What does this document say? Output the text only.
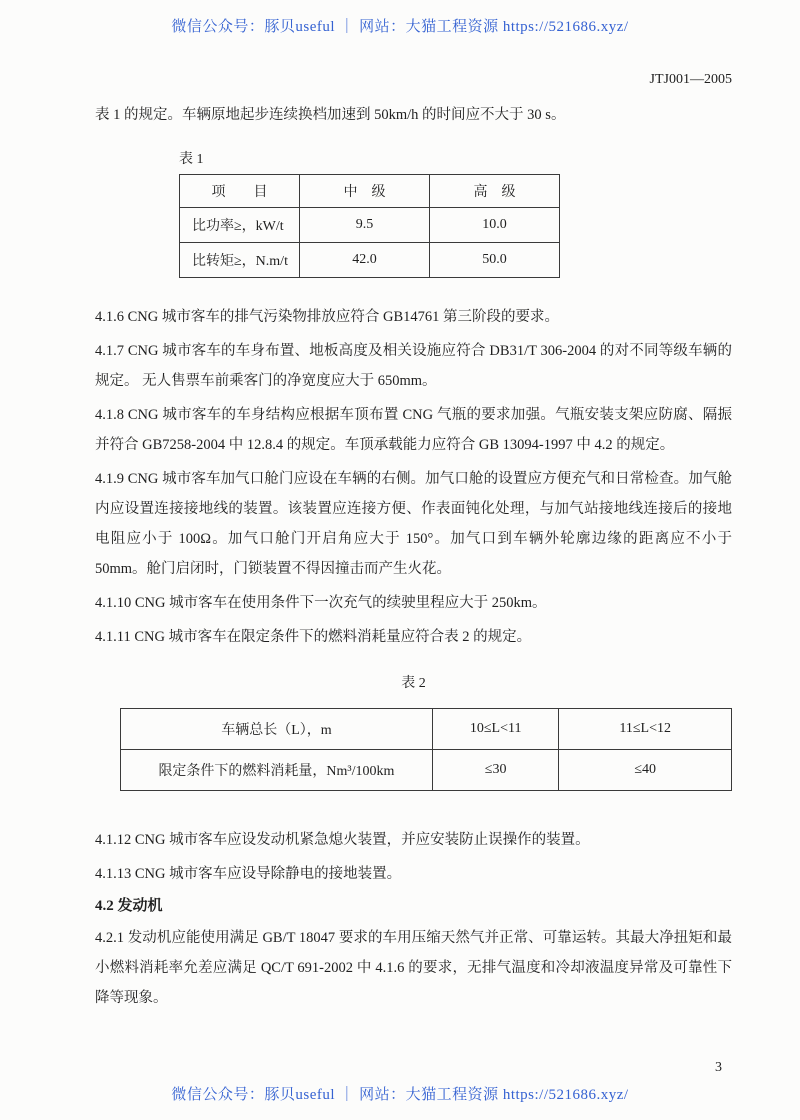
微信公众号：豚贝useful ｜ 网站：大猫工程资源 https://521686.xyz/
JTJ001—2005

表 1 的规定。车辆原地起步连续换档加速到 50km/h 的时间应不大于 30 s。

表 1
项　　目	中　级	高　级
比功率≥，kW/t	9.5	10.0
比转矩≥，N.m/t	42.0	50.0

4.1.6 CNG 城市客车的排气污染物排放应符合 GB14761 第三阶段的要求。

4.1.7 CNG 城市客车的车身布置、地板高度及相关设施应符合 DB31/T 306-2004 的对不同等级车辆的规定。 无人售票车前乘客门的净宽度应大于 650mm。

4.1.8 CNG 城市客车的车身结构应根据车顶布置 CNG 气瓶的要求加强。气瓶安装支架应防腐、隔振并符合 GB7258-2004 中 12.8.4 的规定。车顶承载能力应符合 GB 13094-1997 中 4.2 的规定。

4.1.9 CNG 城市客车加气口舱门应设在车辆的右侧。加气口舱的设置应方便充气和日常检查。加气舱内应设置连接接地线的装置。该装置应连接方便、作表面钝化处理，与加气站接地线连接后的接地电阻应小于 100Ω。加气口舱门开启角应大于 150°。加气口到车辆外轮廓边缘的距离应不小于 50mm。舱门启闭时，门锁装置不得因撞击而产生火花。

4.1.10 CNG 城市客车在使用条件下一次充气的续驶里程应大于 250km。

4.1.11 CNG 城市客车在限定条件下的燃料消耗量应符合表 2 的规定。

表 2
车辆总长（L），m	10≤L<11	11≤L<12
限定条件下的燃料消耗量，Nm³/100km	≤30	≤40

4.1.12 CNG 城市客车应设发动机紧急熄火装置，并应安装防止误操作的装置。

4.1.13 CNG 城市客车应设导除静电的接地装置。

4.2 发动机

4.2.1 发动机应能使用满足 GB/T 18047 要求的车用压缩天然气并正常、可靠运转。其最大净扭矩和最小燃料消耗率允差应满足 QC/T 691-2002 中 4.1.6 的要求，无排气温度和冷却液温度异常及可靠性下降等现象。

3
微信公众号：豚贝useful ｜ 网站：大猫工程资源 https://521686.xyz/
